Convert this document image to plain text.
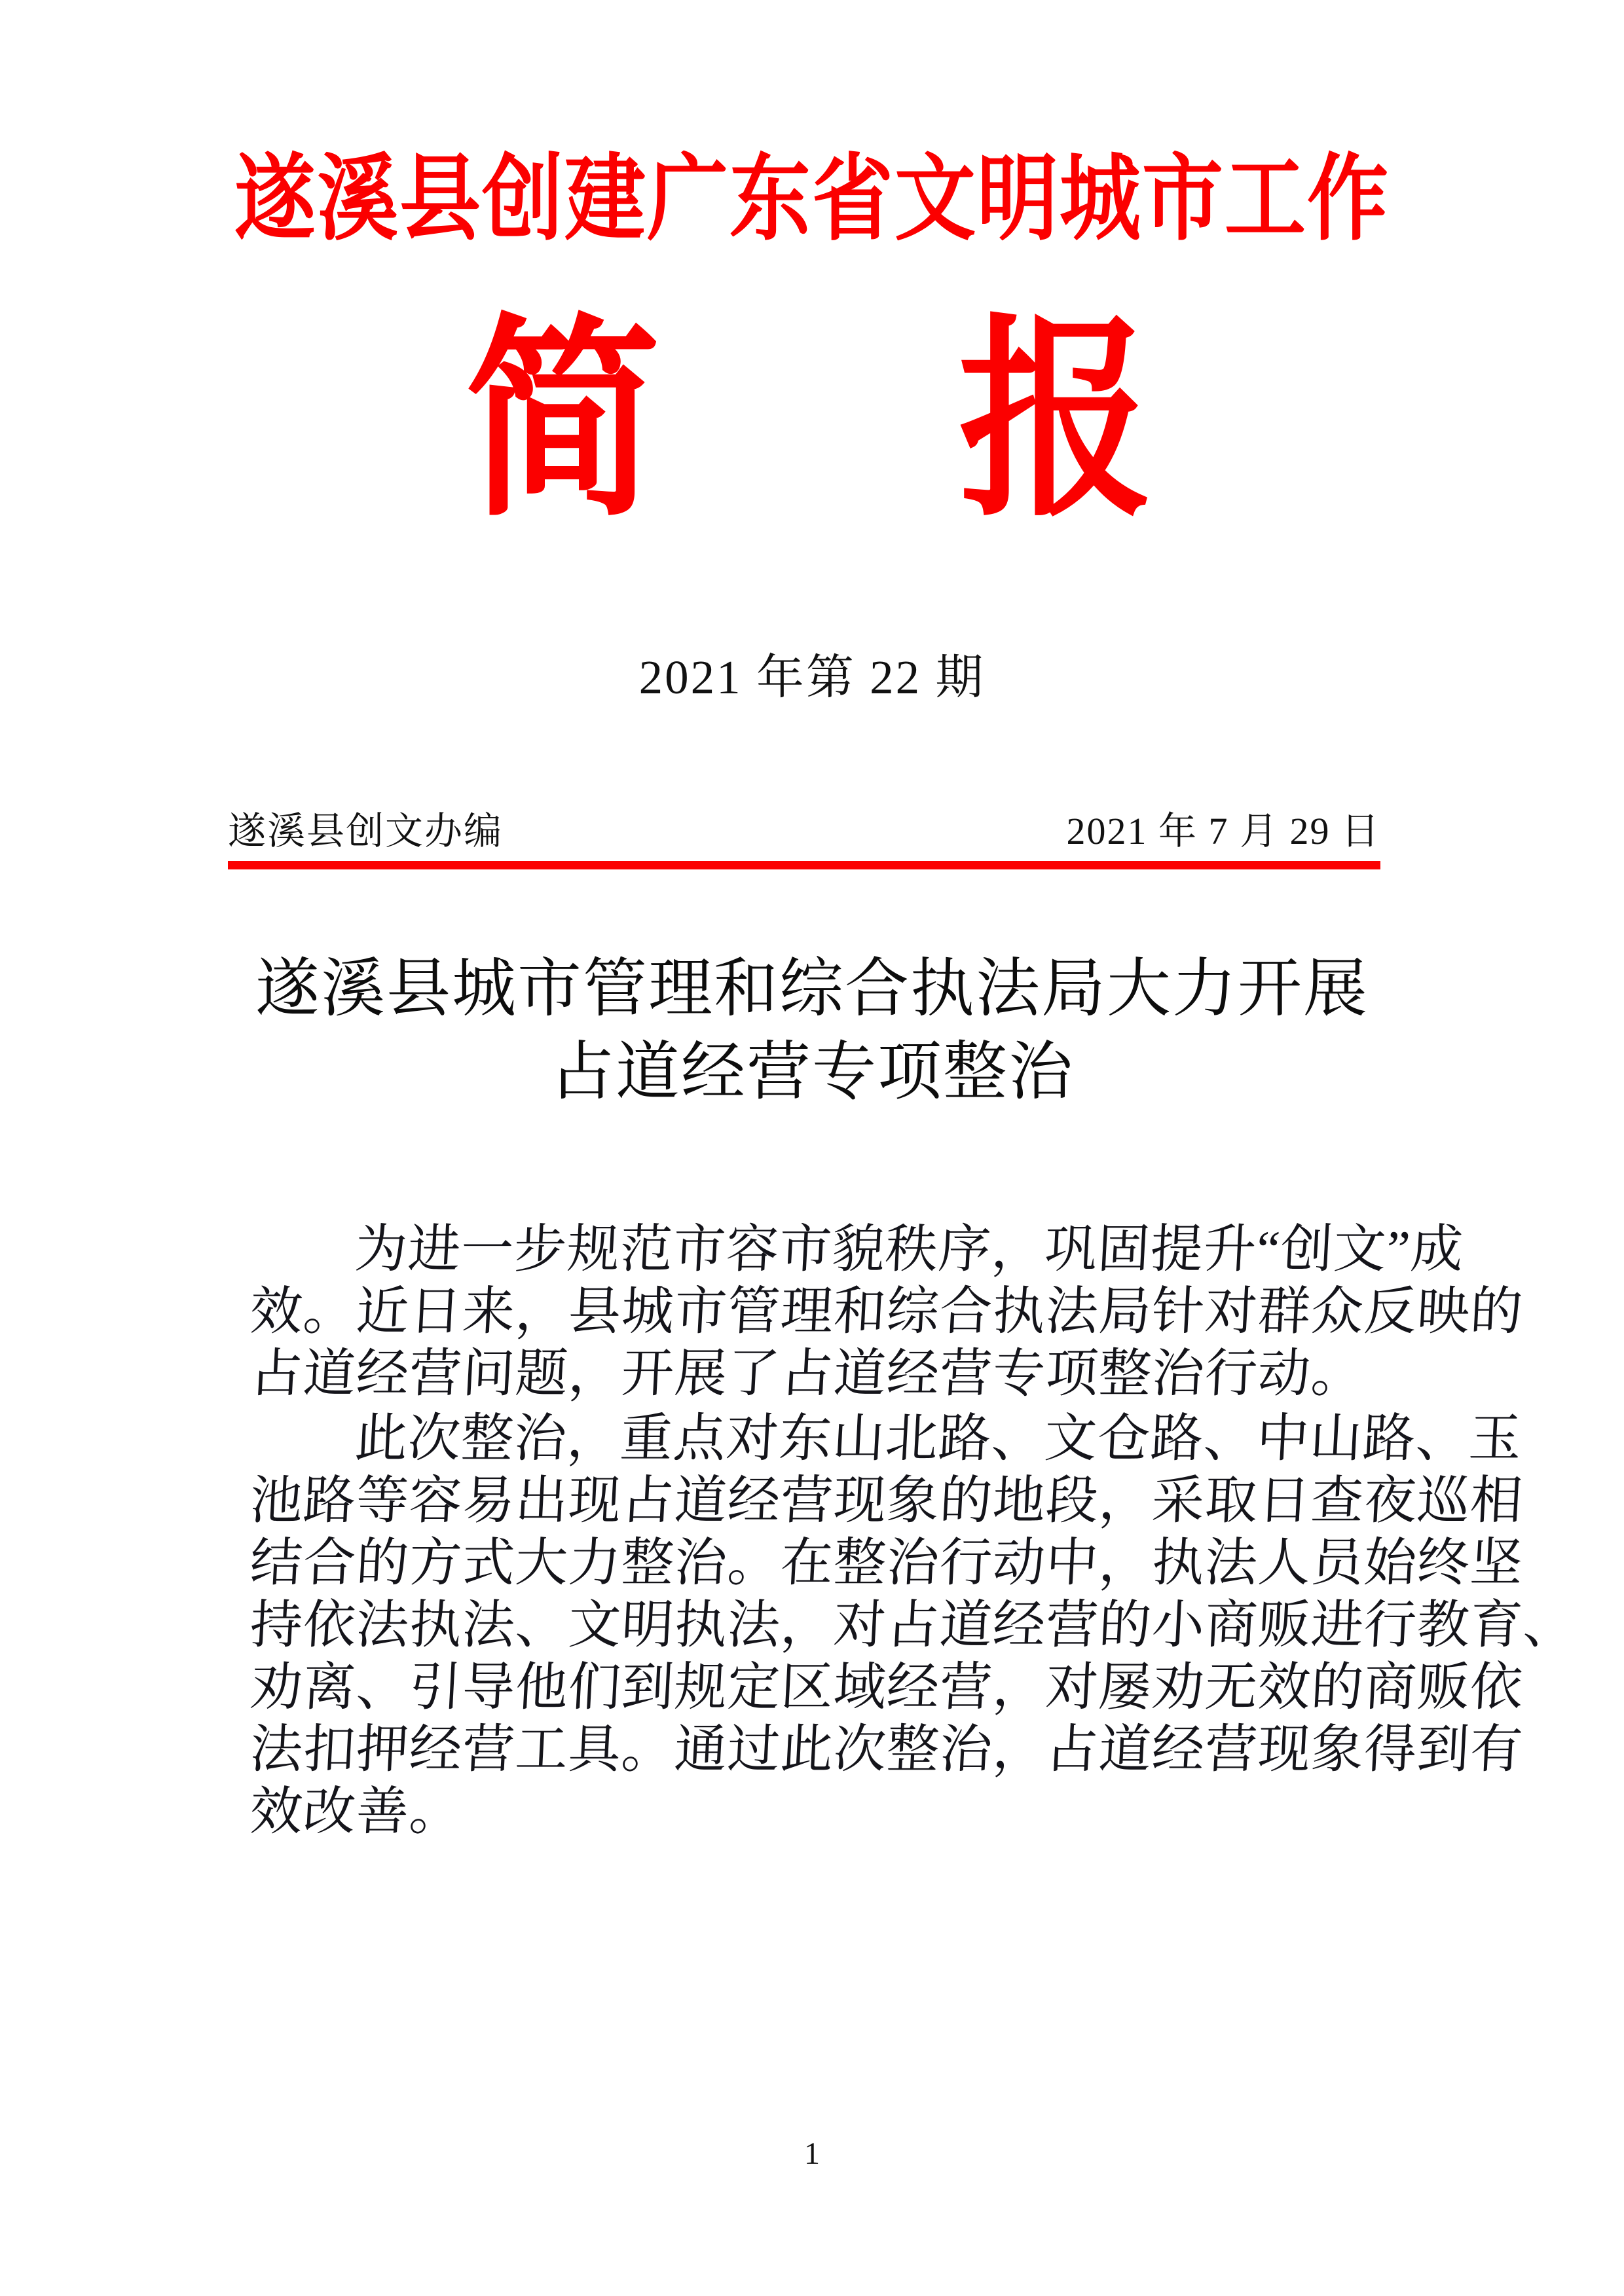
遂溪县创建广东省文明城市工作
简    报
2021 年第 22 期
遂溪县创文办编	2021 年 7 月 29 日
遂溪县城市管理和综合执法局大力开展
占道经营专项整治
为进一步规范市容市貌秩序，巩固提升“创文”成
效。近日来，县城市管理和综合执法局针对群众反映的
占道经营问题，开展了占道经营专项整治行动。
此次整治，重点对东山北路、文仓路、中山路、玉
池路等容易出现占道经营现象的地段，采取日查夜巡相
结合的方式大力整治。在整治行动中，执法人员始终坚
持依法执法、文明执法，对占道经营的小商贩进行教育、
劝离、引导他们到规定区域经营，对屡劝无效的商贩依
法扣押经营工具。通过此次整治，占道经营现象得到有
效改善。
1
